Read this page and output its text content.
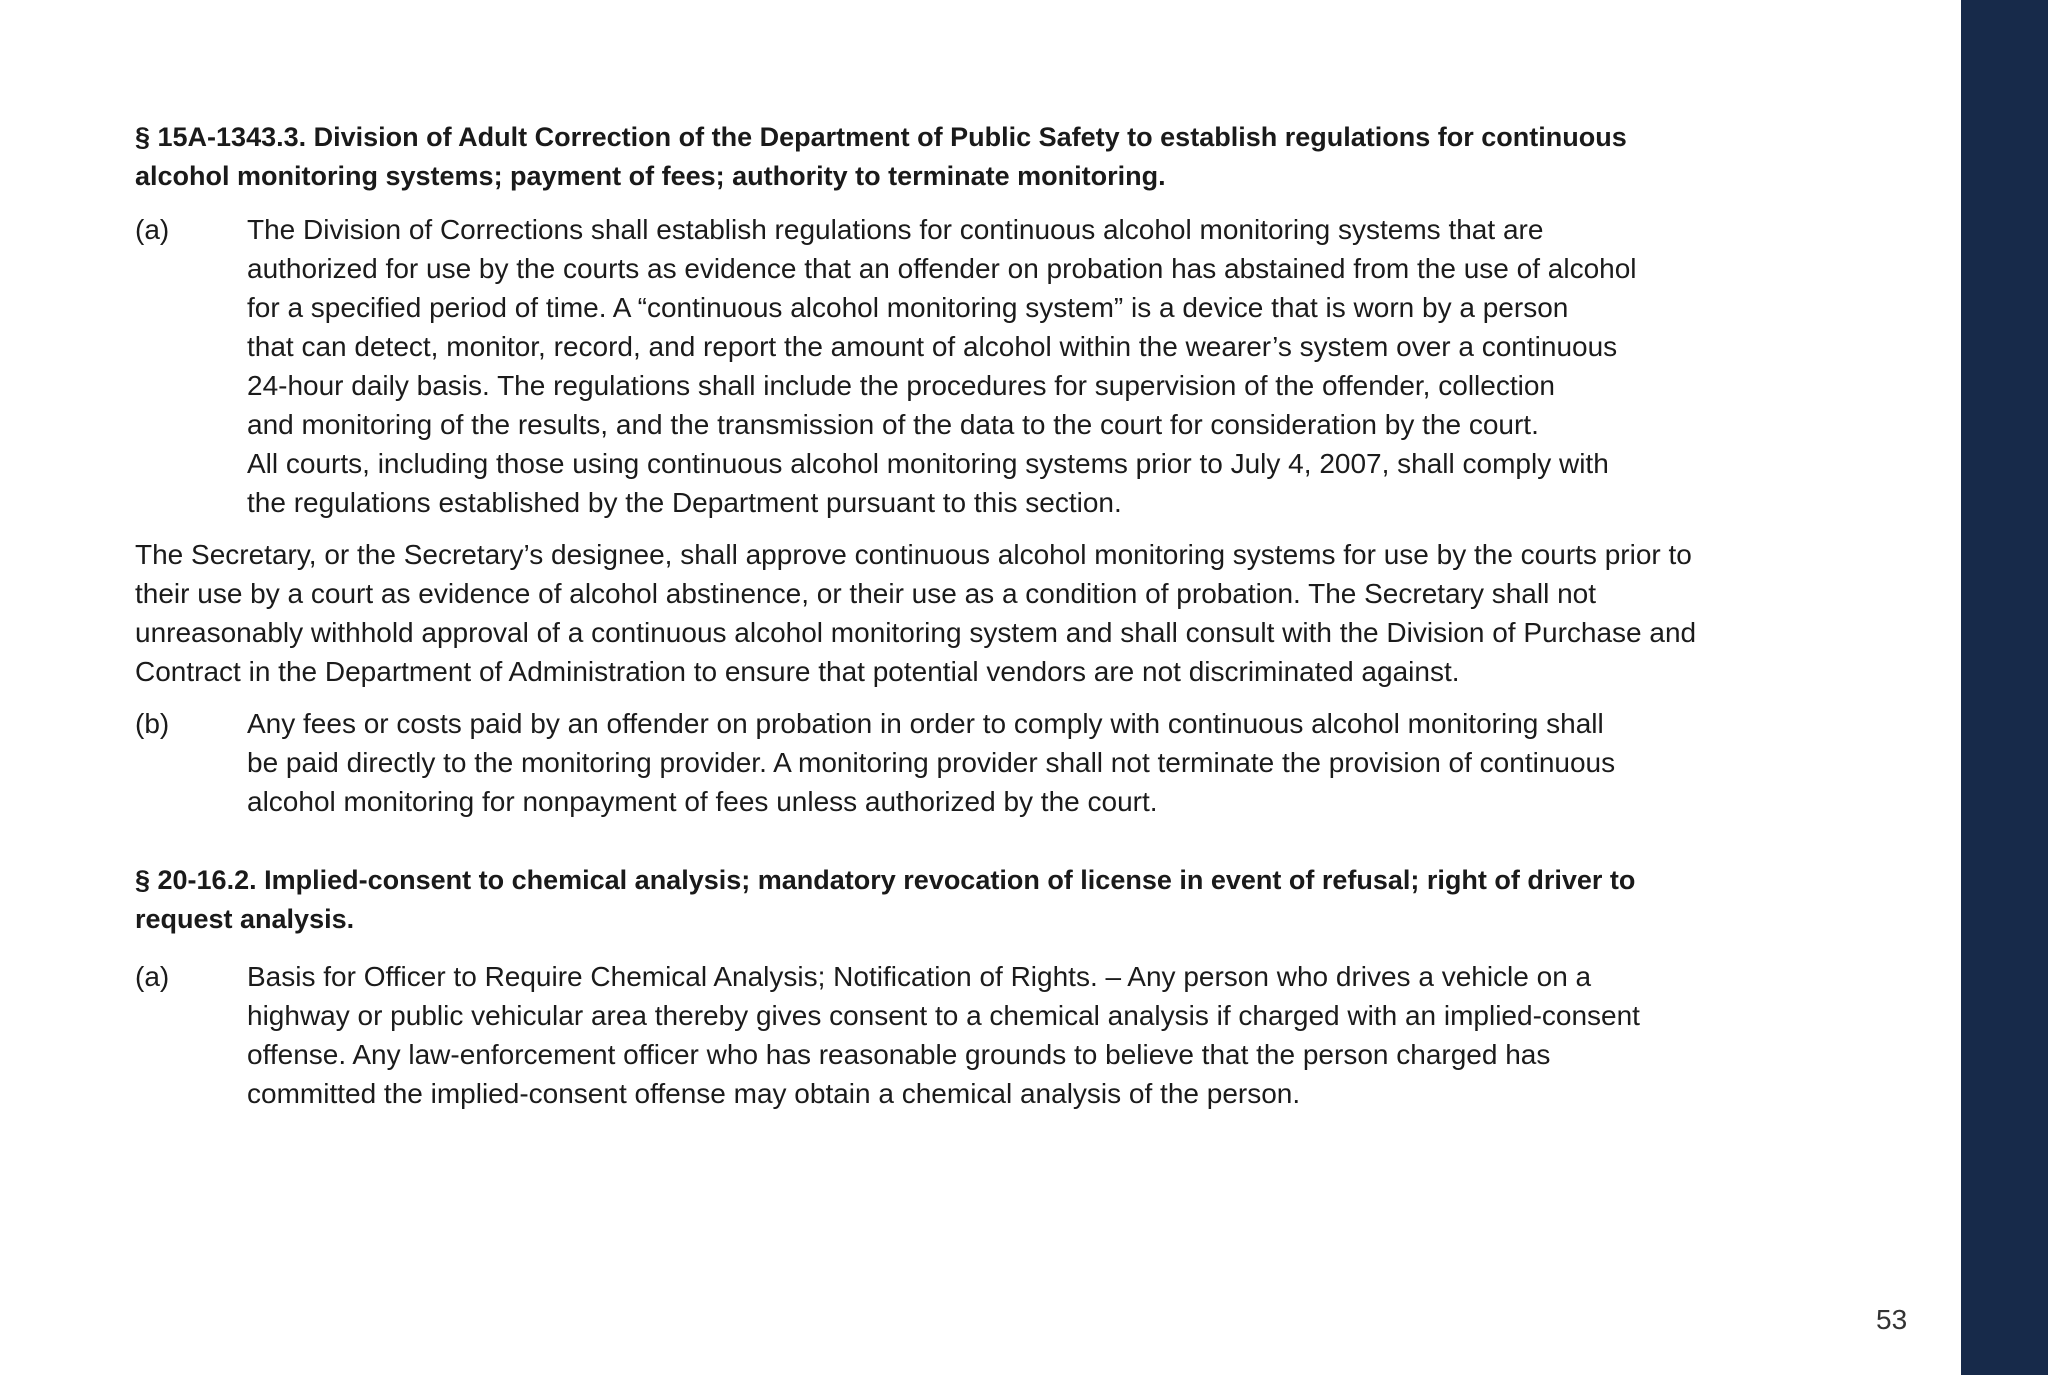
§ 15A-1343.3. Division of Adult Correction of the Department of Public Safety to establish regulations for continuous
alcohol monitoring systems; payment of fees; authority to terminate monitoring.
(a)	The Division of Corrections shall establish regulations for continuous alcohol monitoring systems that are
authorized for use by the courts as evidence that an offender on probation has abstained from the use of alcohol
for a specified period of time. A “continuous alcohol monitoring system” is a device that is worn by a person
that can detect, monitor, record, and report the amount of alcohol within the wearer’s system over a continuous
24-hour daily basis. The regulations shall include the procedures for supervision of the offender, collection
and monitoring of the results, and the transmission of the data to the court for consideration by the court.
All courts, including those using continuous alcohol monitoring systems prior to July 4, 2007, shall comply with
the regulations established by the Department pursuant to this section.
The Secretary, or the Secretary’s designee, shall approve continuous alcohol monitoring systems for use by the courts prior to
their use by a court as evidence of alcohol abstinence, or their use as a condition of probation. The Secretary shall not
unreasonably withhold approval of a continuous alcohol monitoring system and shall consult with the Division of Purchase and
Contract in the Department of Administration to ensure that potential vendors are not discriminated against.
(b)	Any fees or costs paid by an offender on probation in order to comply with continuous alcohol monitoring shall
be paid directly to the monitoring provider. A monitoring provider shall not terminate the provision of continuous
alcohol monitoring for nonpayment of fees unless authorized by the court.
§ 20-16.2. Implied-consent to chemical analysis; mandatory revocation of license in event of refusal; right of driver to
request analysis.
(a)	Basis for Officer to Require Chemical Analysis; Notification of Rights. – Any person who drives a vehicle on a
highway or public vehicular area thereby gives consent to a chemical analysis if charged with an implied-consent
offense. Any law-enforcement officer who has reasonable grounds to believe that the person charged has
committed the implied-consent offense may obtain a chemical analysis of the person.
53
